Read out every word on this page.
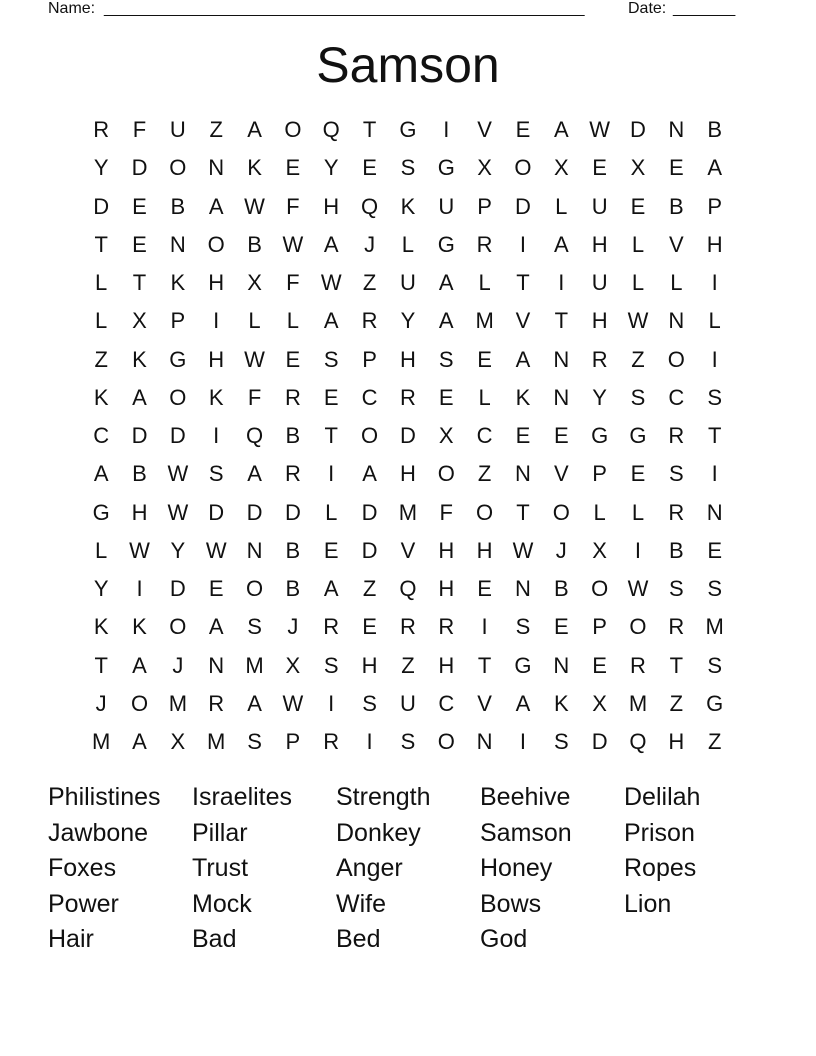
Name: ______________________________________________________	Date: _______
Samson
R	F	U	Z	A	O Q	T	G	I	V	E	A W D	N	B
Y	D O N	K	E	Y	E	S	G	X	O	X	E	X	E	A
D	E	B	A W F	H Q	K	U	P	D	L	U	E	B	P
T	E	N O	B W A	J	L	G R	I	A	H	L	V	H
L	T	K	H	X	F W Z	U	A	L	T	I	U	L	L	I
L	X	P	I	L	L	A	R	Y	A M V	T	H W N	L
Z	K	G H W E	S	P	H	S	E	A	N	R	Z	O	I
K	A	O	K	F	R	E	C	R	E	L	K	N	Y	S	C	S
C	D	D	I	Q	B	T	O D	X	C	E	E	G G R	T
A	B W S	A	R	I	A	H O	Z	N	V	P	E	S	I
G H W D	D	D	L	D M	F	O	T	O	L	L	R	N
L W Y W N	B	E	D	V	H	H W	J	X	I	B	E
Y	I	D	E	O	B	A	Z	Q H	E	N	B	O W S	S
K	K	O	A	S	J	R	E	R	R	I	S	E	P	O R M
T	A	J	N M X	S	H	Z	H	T	G N	E	R	T	S
J	O M R	A W	I	S	U	C	V	A	K	X M	Z	G
M A	X M S	P	R	I	S	O N	I	S	D Q H	Z
Philistines	Israelites	Strength	Beehive	Delilah
Jawbone	Pillar	Donkey	Samson	Prison
Foxes	Trust	Anger	Honey	Ropes
Power	Mock	Wife	Bows	Lion
Hair	Bad	Bed	God
